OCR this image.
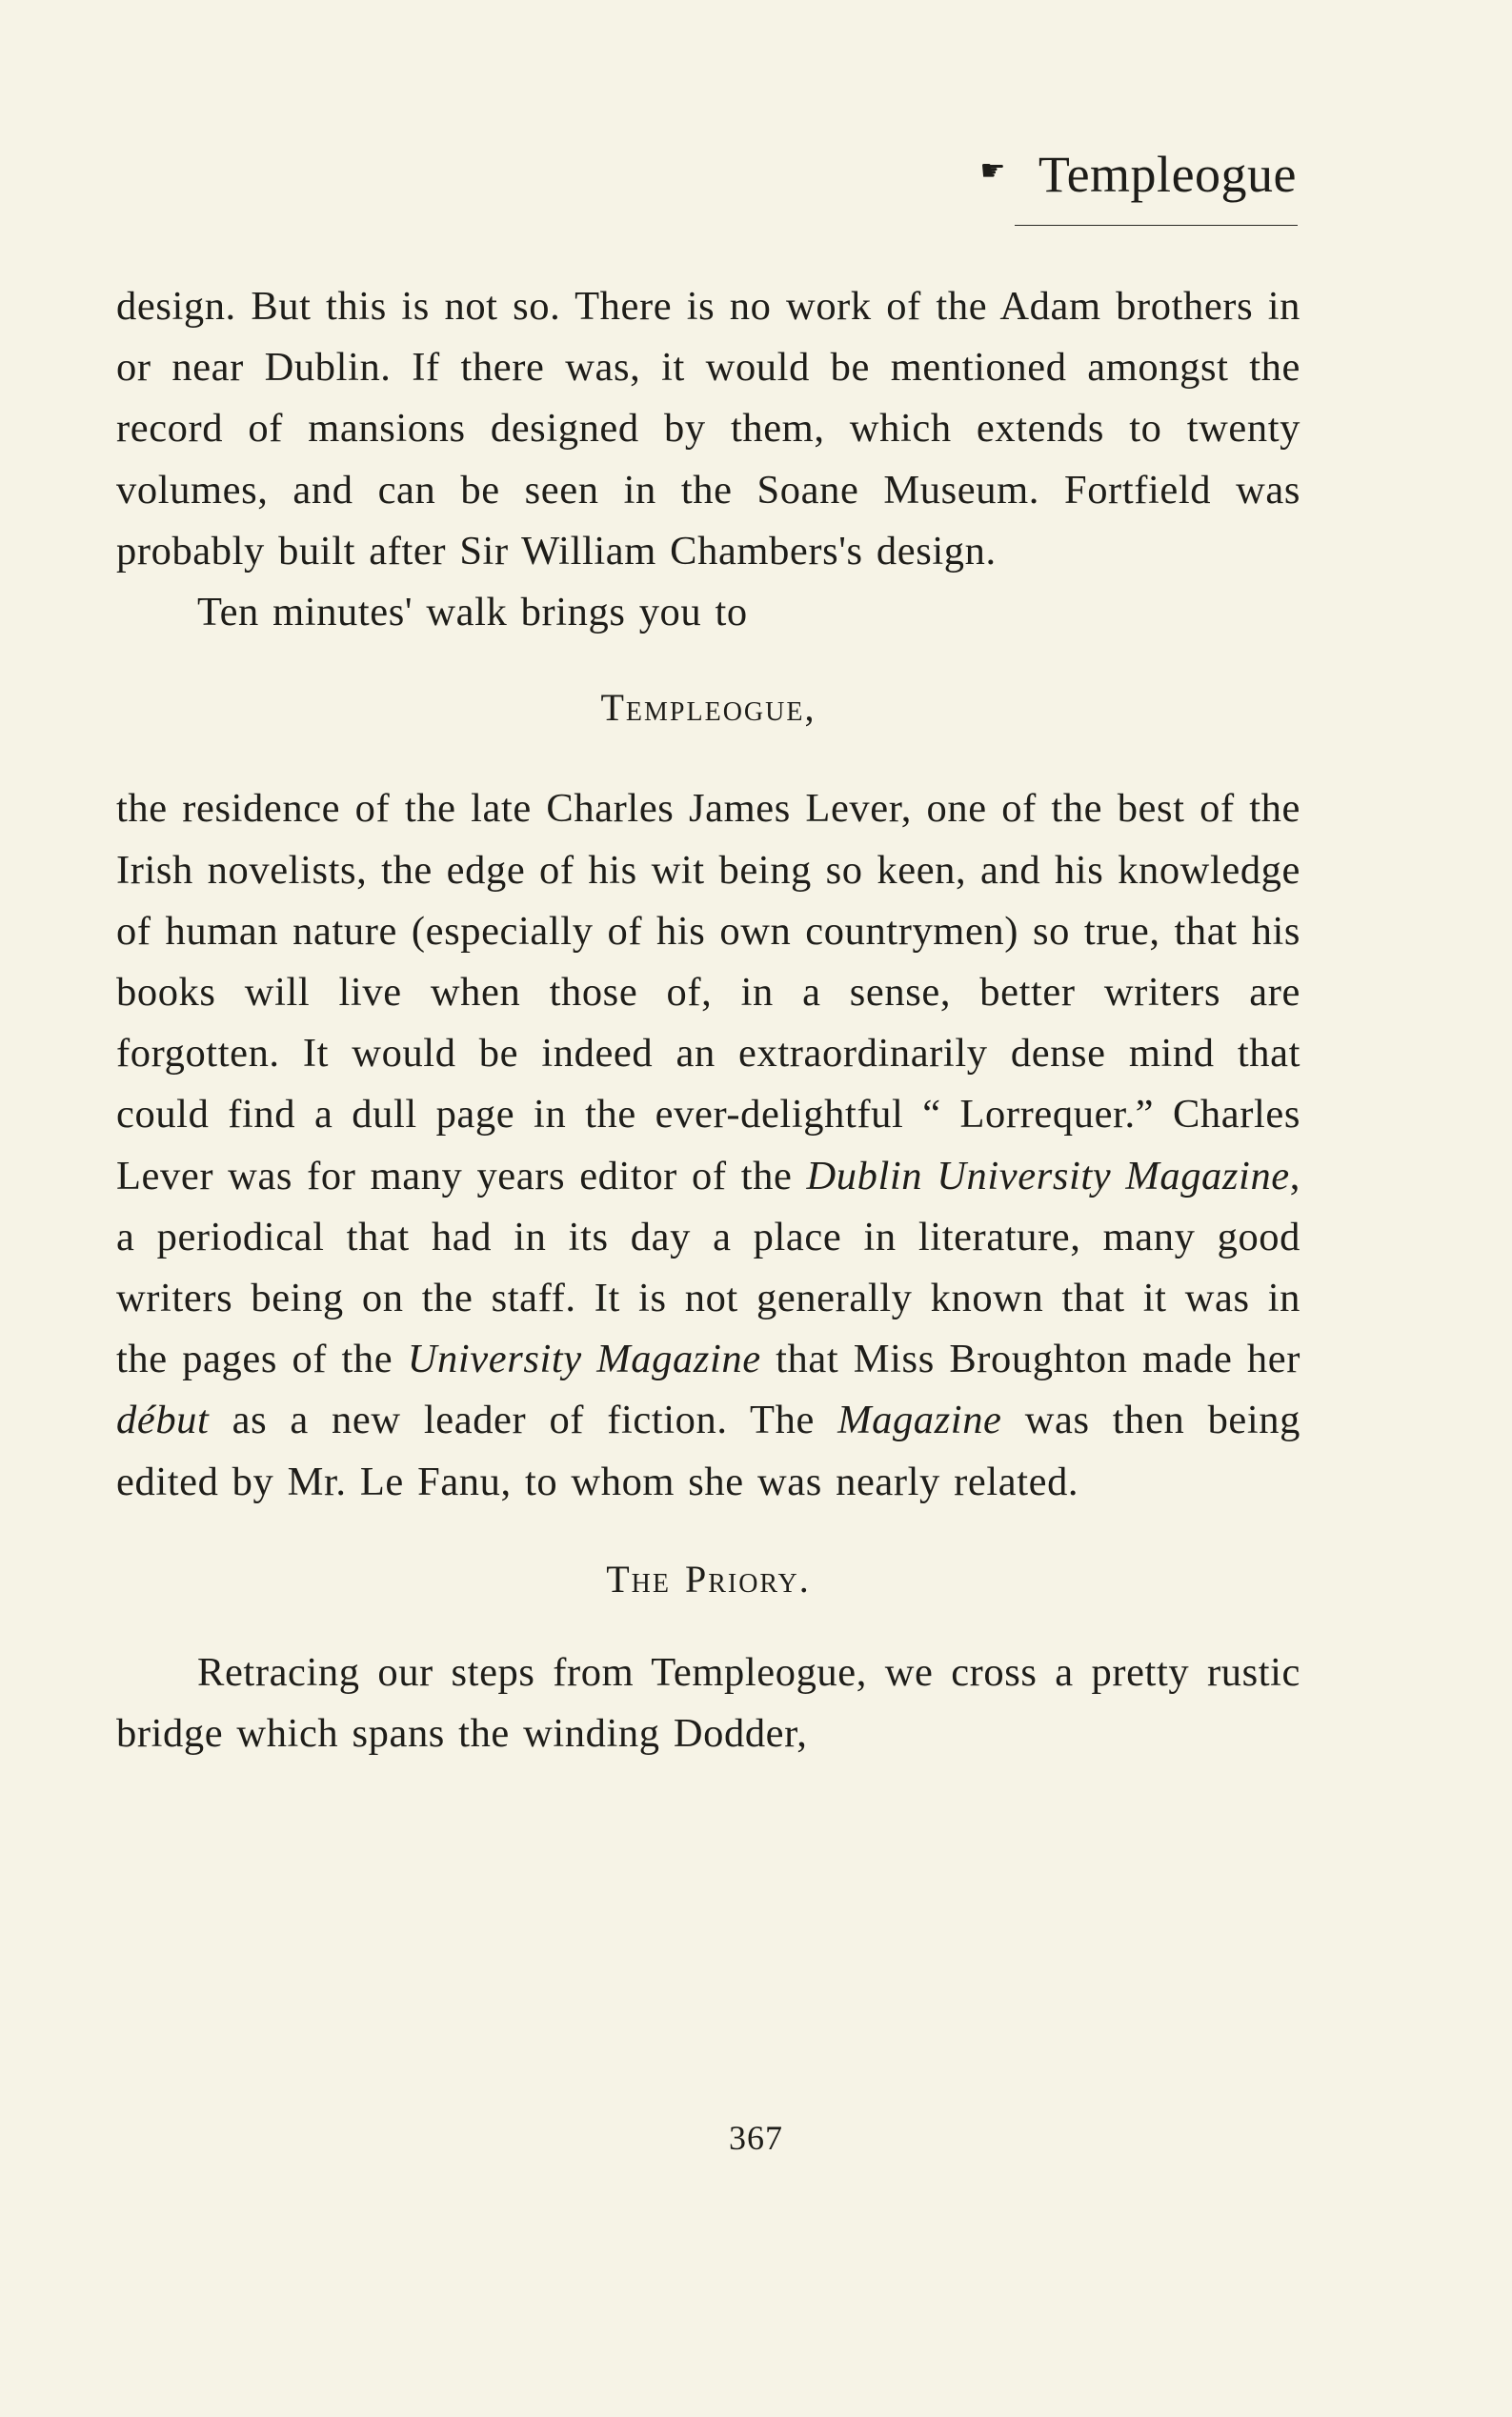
☛ Templeogue

design. But this is not so. There is no work of the Adam brothers in or near Dublin. If there was, it would be mentioned amongst the record of mansions designed by them, which extends to twenty volumes, and can be seen in the Soane Museum. Fortfield was probably built after Sir William Chambers's design.

Ten minutes' walk brings you to

Templeogue,

the residence of the late Charles James Lever, one of the best of the Irish novelists, the edge of his wit being so keen, and his knowledge of human nature (especially of his own countrymen) so true, that his books will live when those of, in a sense, better writers are forgotten. It would be indeed an extraordinarily dense mind that could find a dull page in the ever-delightful “ Lorrequer.” Charles Lever was for many years editor of the Dublin University Magazine, a periodical that had in its day a place in literature, many good writers being on the staff. It is not generally known that it was in the pages of the University Magazine that Miss Broughton made her début as a new leader of fiction. The Magazine was then being edited by Mr. Le Fanu, to whom she was nearly related.

The Priory.

Retracing our steps from Templeogue, we cross a pretty rustic bridge which spans the winding Dodder,

367
